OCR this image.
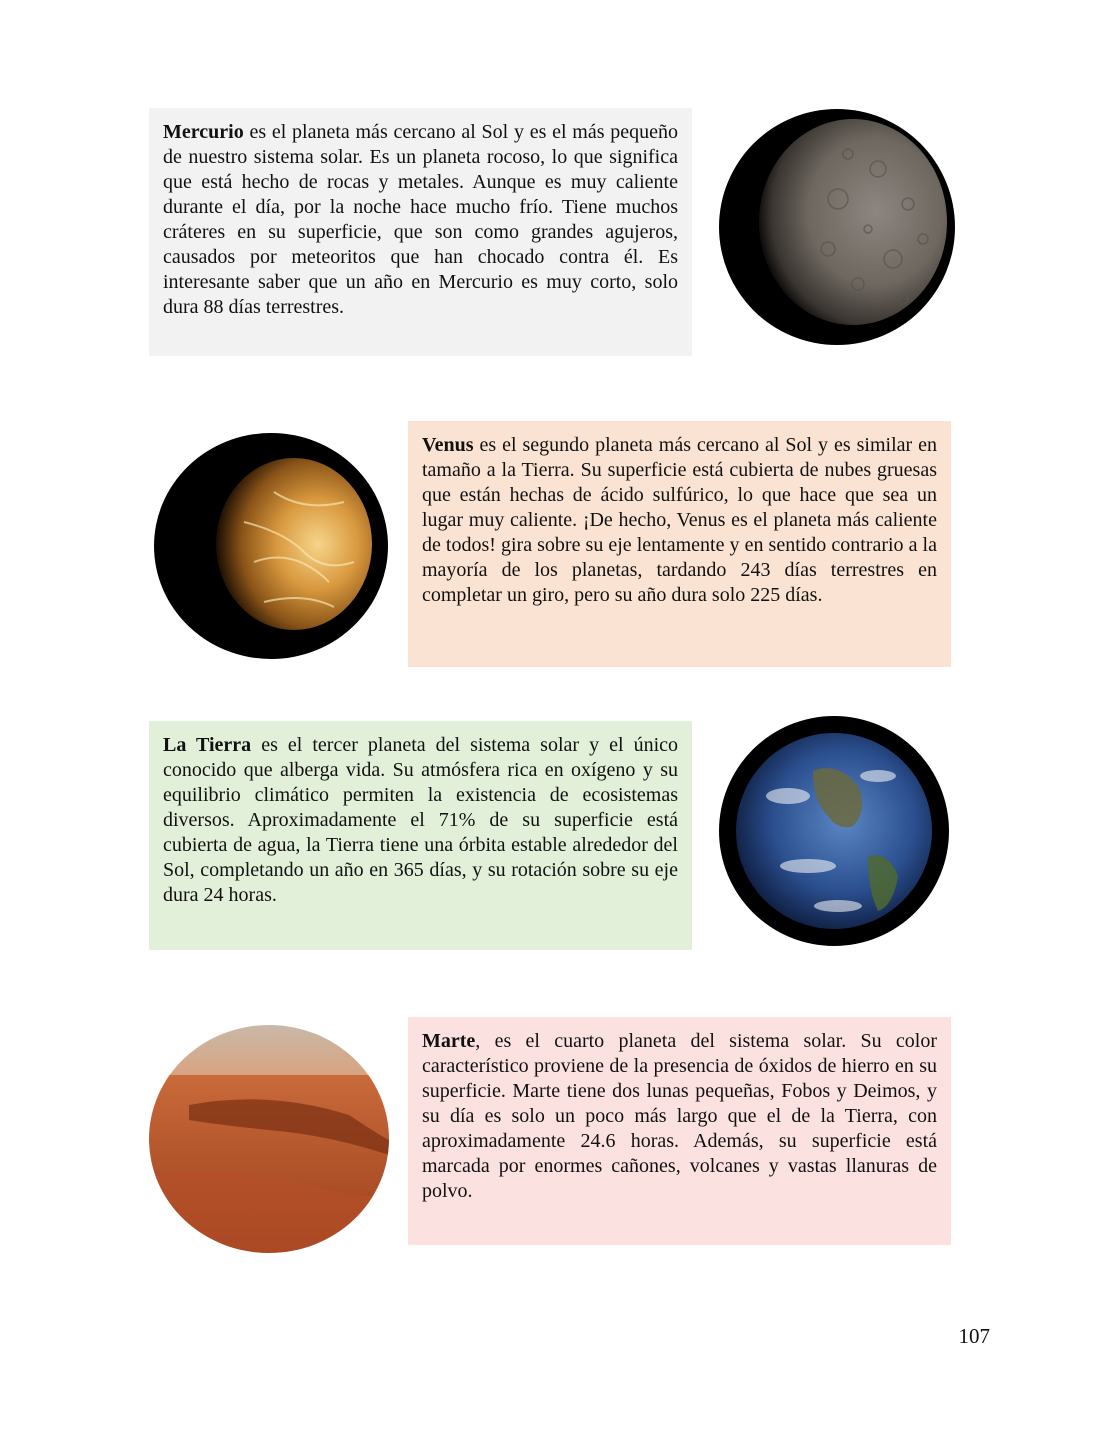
Mercurio es el planeta más cercano al Sol y es el más pequeño de nuestro sistema solar. Es un planeta rocoso, lo que significa que está hecho de rocas y metales. Aunque es muy caliente durante el día, por la noche hace mucho frío. Tiene muchos cráteres en su superficie, que son como grandes agujeros, causados por meteoritos que han chocado contra él. Es interesante saber que un año en Mercurio es muy corto, solo dura 88 días terrestres.
Venus es el segundo planeta más cercano al Sol y es similar en tamaño a la Tierra. Su superficie está cubierta de nubes gruesas que están hechas de ácido sulfúrico, lo que hace que sea un lugar muy caliente. ¡De hecho, Venus es el planeta más caliente de todos! gira sobre su eje lentamente y en sentido contrario a la mayoría de los planetas, tardando 243 días terrestres en completar un giro, pero su año dura solo 225 días.
La Tierra es el tercer planeta del sistema solar y el único conocido que alberga vida. Su atmósfera rica en oxígeno y su equilibrio climático permiten la existencia de ecosistemas diversos. Aproximadamente el 71% de su superficie está cubierta de agua, la Tierra tiene una órbita estable alrededor del Sol, completando un año en 365 días, y su rotación sobre su eje dura 24 horas.
Marte, es el cuarto planeta del sistema solar. Su color característico proviene de la presencia de óxidos de hierro en su superficie. Marte tiene dos lunas pequeñas, Fobos y Deimos, y su día es solo un poco más largo que el de la Tierra, con aproximadamente 24.6 horas. Además, su superficie está marcada por enormes cañones, volcanes y vastas llanuras de polvo.
107
